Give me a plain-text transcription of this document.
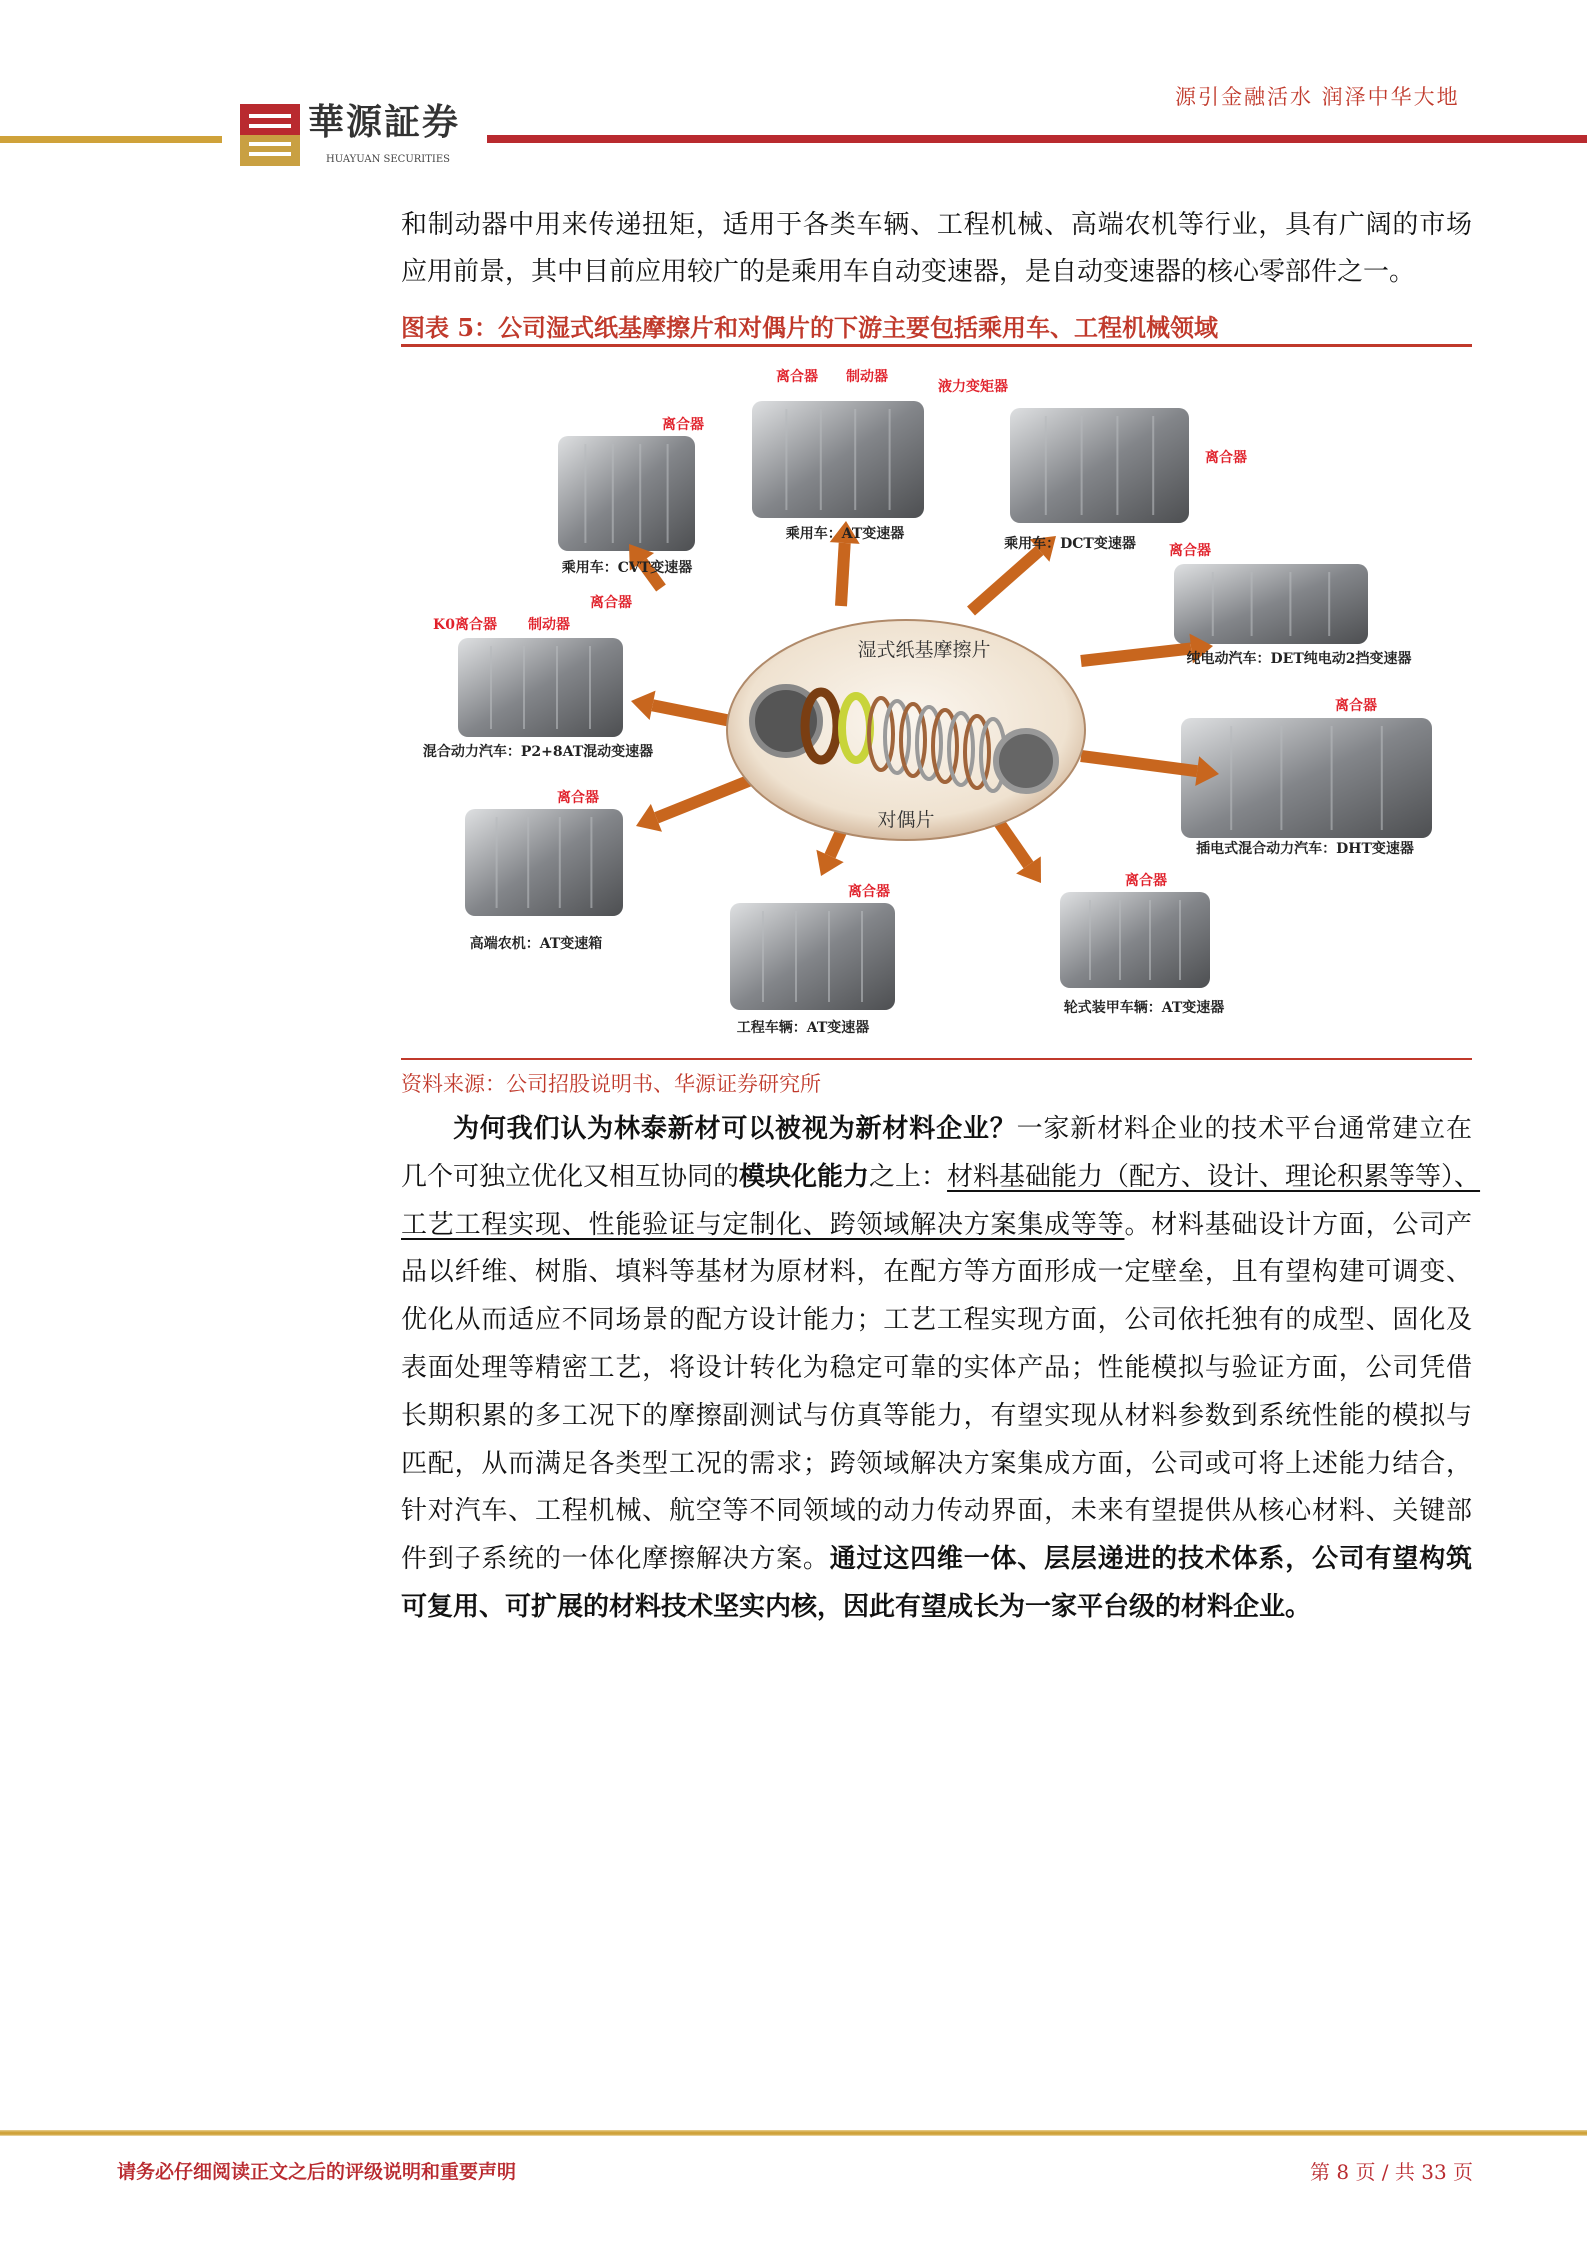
源引金融活水 润泽中华大地
華源証券
HUAYUAN SECURITIES
和制动器中用来传递扭矩，适用于各类车辆、工程机械、高端农机等行业，具有广阔的市场
应用前景，其中目前应用较广的是乘用车自动变速器，是自动变速器的核心零部件之一。
图表 5：公司湿式纸基摩擦片和对偶片的下游主要包括乘用车、工程机械领域
湿式纸基摩擦片
对偶片
乘用车：CVT变速器
乘用车：AT变速器
乘用车：DCT变速器
纯电动汽车：DET纯电动2挡变速器
混合动力汽车：P2+8AT混动变速器
插电式混合动力汽车：DHT变速器
高端农机：AT变速箱
工程车辆：AT变速器
轮式装甲车辆：AT变速器
离合器
离合器 制动器
液力变矩器
离合器
离合器
K0离合器 制动器
离合器
离合器
离合器
离合器
离合器
资料来源：公司招股说明书、华源证券研究所
为何我们认为林泰新材可以被视为新材料企业？一家新材料企业的技术平台通常建立在
几个可独立优化又相互协同的模块化能力之上：材料基础能力（配方、设计、理论积累等等）、
工艺工程实现、性能验证与定制化、跨领域解决方案集成等等。材料基础设计方面，公司产
品以纤维、树脂、填料等基材为原材料，在配方等方面形成一定壁垒，且有望构建可调变、
优化从而适应不同场景的配方设计能力；工艺工程实现方面，公司依托独有的成型、固化及
表面处理等精密工艺，将设计转化为稳定可靠的实体产品；性能模拟与验证方面，公司凭借
长期积累的多工况下的摩擦副测试与仿真等能力，有望实现从材料参数到系统性能的模拟与
匹配，从而满足各类型工况的需求；跨领域解决方案集成方面，公司或可将上述能力结合，
针对汽车、工程机械、航空等不同领域的动力传动界面，未来有望提供从核心材料、关键部
件到子系统的一体化摩擦解决方案。通过这四维一体、层层递进的技术体系，公司有望构筑
可复用、可扩展的材料技术坚实内核，因此有望成长为一家平台级的材料企业。
请务必仔细阅读正文之后的评级说明和重要声明	第 8 页 / 共 33 页
